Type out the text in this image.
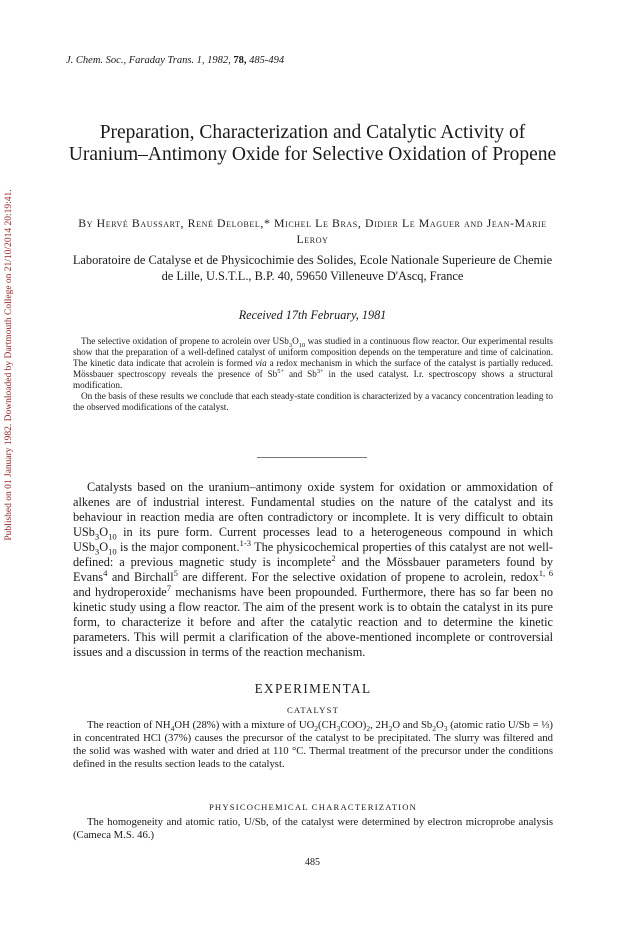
Published on 01 January 1982. Downloaded by Dartmouth College on 21/10/2014 20:19:41.
J. Chem. Soc., Faraday Trans. 1, 1982, 78, 485-494
Preparation, Characterization and Catalytic Activity of Uranium–Antimony Oxide for Selective Oxidation of Propene

By Hervé Baussart, René Delobel,* Michel Le Bras, Didier Le Maguer and Jean-Marie Leroy

Laboratoire de Catalyse et de Physicochimie des Solides, Ecole Nationale Superieure de Chemie de Lille, U.S.T.L., B.P. 40, 59650 Villeneuve D'Ascq, France

Received 17th February, 1981

The selective oxidation of propene to acrolein over $USb_3O_{10}$ was studied in a continuous flow reactor. Our experimental results show that the preparation of a well-defined catalyst of uniform composition depends on the temperature and time of calcination. The kinetic data indicate that acrolein is formed via a redox mechanism in which the surface of the catalyst is partially reduced. Mössbauer spectroscopy reveals the presence of $Sb^{5+}$ and $Sb^{3+}$ in the used catalyst. I.r. spectroscopy shows a structural modification.

On the basis of these results we conclude that each steady-state condition is characterized by a vacancy concentration leading to the observed modifications of the catalyst.

Catalysts based on the uranium–antimony oxide system for oxidation or ammoxidation of alkenes are of industrial interest. Fundamental studies on the nature of the catalyst and its behaviour in reaction media are often contradictory or incomplete. It is very difficult to obtain $USb_3O_{10}$ in its pure form. Current processes lead to a heterogeneous compound in which $USb_3O_{10}$ is the major component.$^{1-3}$ The physicochemical properties of this catalyst are not well-defined: a previous magnetic study is incomplete$^2$ and the Mössbauer parameters found by Evans$^4$ and Birchall$^5$ are different. For the selective oxidation of propene to acrolein, redox$^{1, 6}$ and hydroperoxide$^7$ mechanisms have been propounded. Furthermore, there has so far been no kinetic study using a flow reactor. The aim of the present work is to obtain the catalyst in its pure form, to characterize it before and after the catalytic reaction and to determine the kinetic parameters. This will permit a clarification of the above-mentioned incomplete or controversial issues and a discussion in terms of the reaction mechanism.

EXPERIMENTAL
CATALYST

The reaction of $NH_4OH$ (28%) with a mixture of $UO_2(CH_3COO)_2$, $2H_2O$ and $Sb_2O_3$ (atomic ratio U/Sb = ⅓) in concentrated HCl (37%) causes the precursor of the catalyst to be precipitated. The slurry was filtered and the solid was washed with water and dried at 110 °C. Thermal treatment of the precursor under the conditions defined in the results section leads to the catalyst.

PHYSICOCHEMICAL CHARACTERIZATION

The homogeneity and atomic ratio, U/Sb, of the catalyst were determined by electron microprobe analysis (Cameca M.S. 46.)

485
